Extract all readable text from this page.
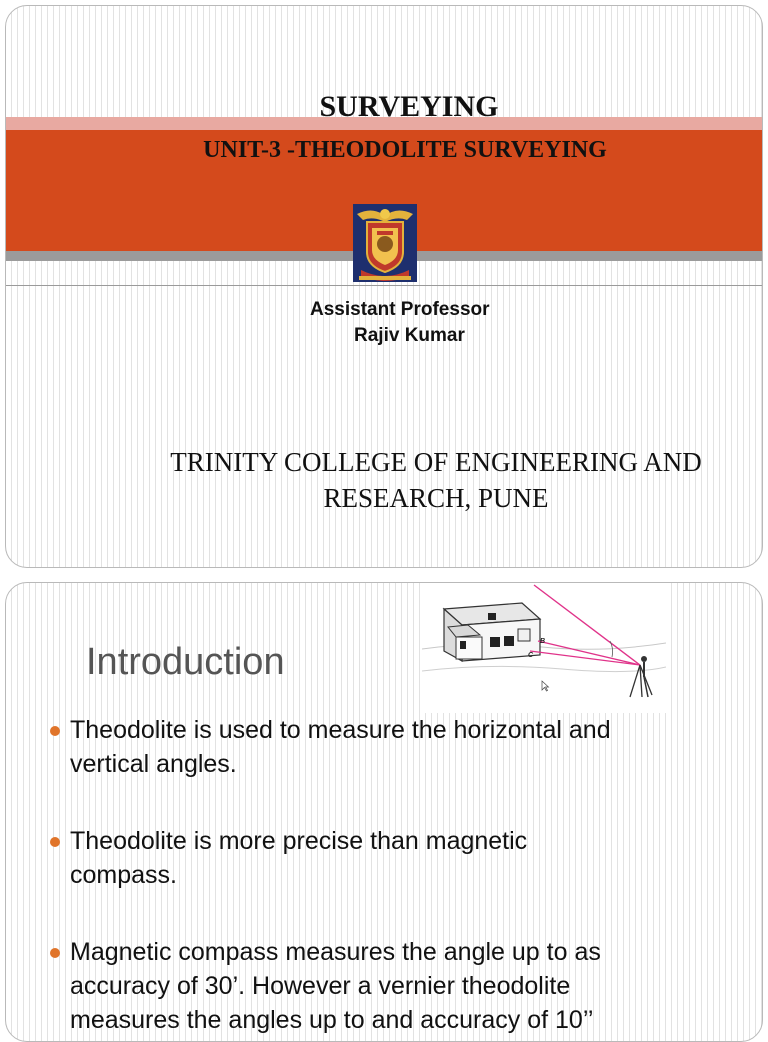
SURVEYING
UNIT-3 -THEODOLITE SURVEYING
Assistant Professor
Rajiv Kumar
TRINITY COLLEGE OF ENGINEERING AND
RESEARCH, PUNE
Introduction
A
B
C
Theodolite is used to measure the horizontal and
vertical angles.
Theodolite is more precise than magnetic
compass.
Magnetic compass measures the angle up to as
accuracy of 30’. However a vernier theodolite
measures the angles up to and accuracy of 10’’
